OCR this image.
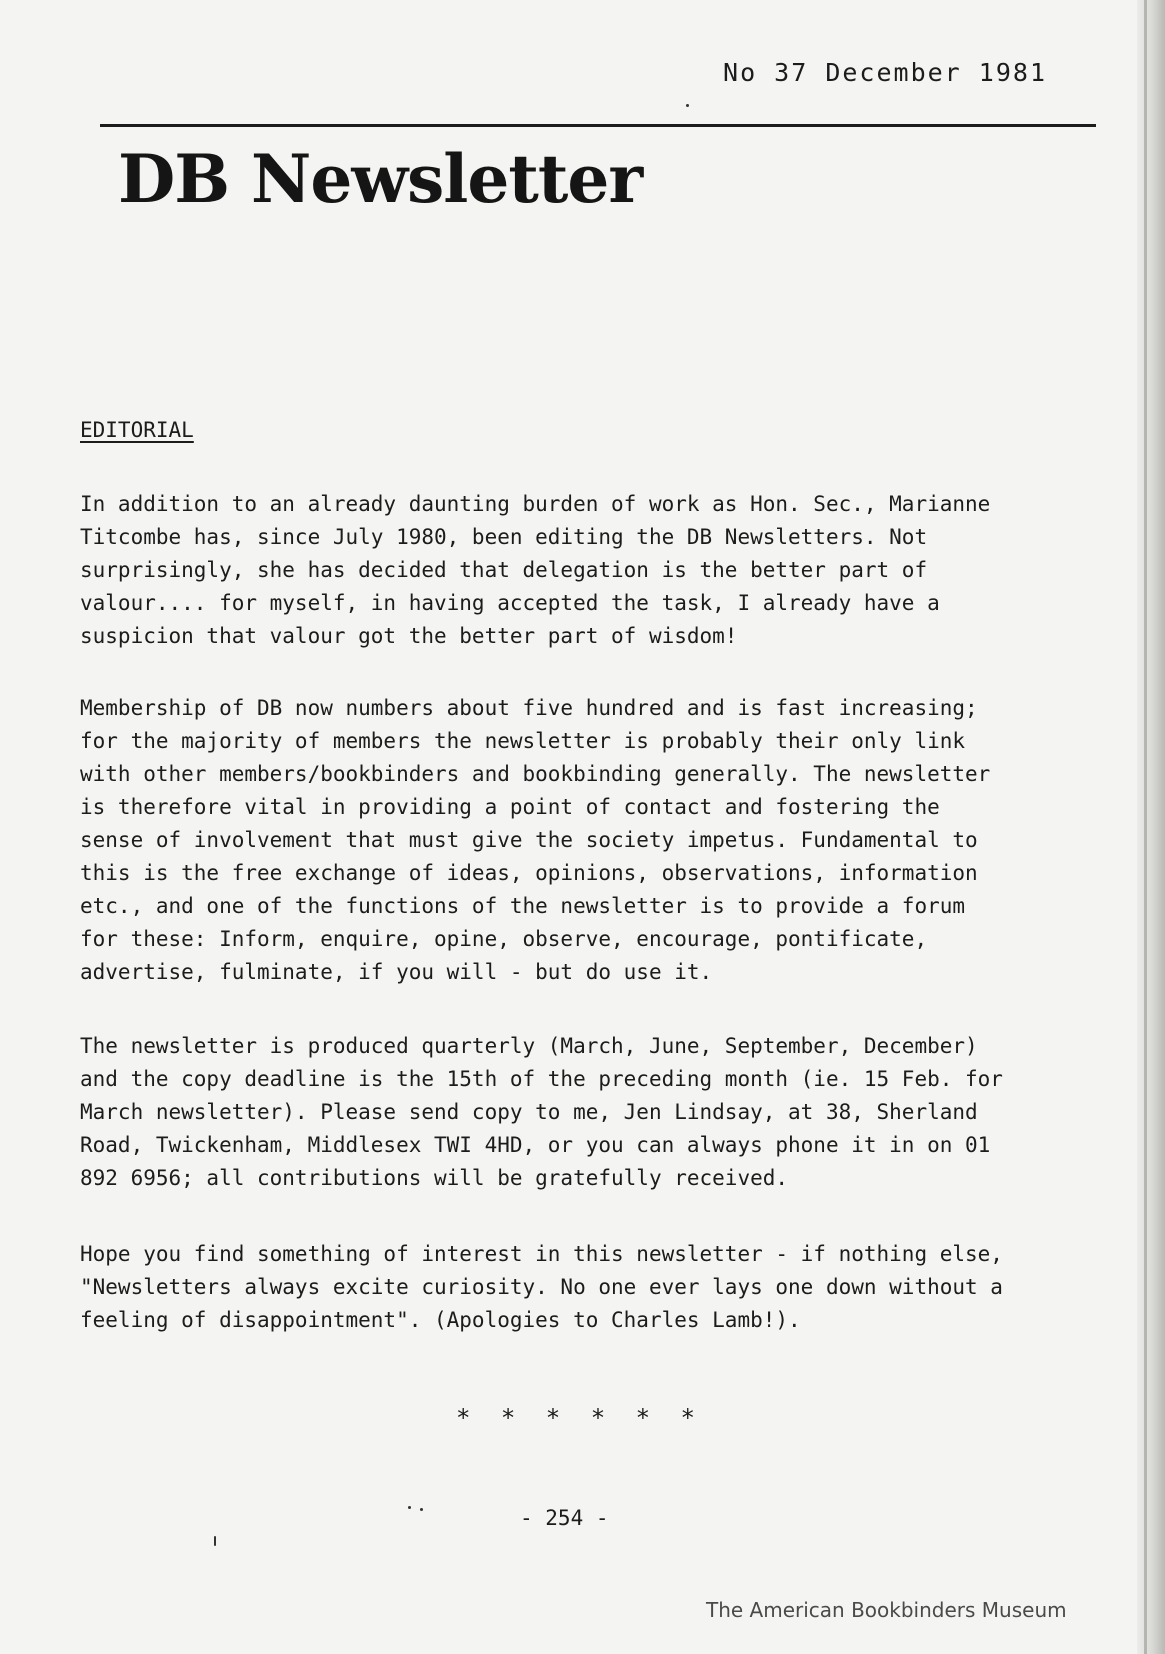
No 37 December 1981
DB Newsletter
EDITORIAL

In addition to an already daunting burden of work as Hon. Sec., Marianne
Titcombe has, since July 1980, been editing the DB Newsletters. Not
surprisingly, she has decided that delegation is the better part of
valour.... for myself, in having accepted the task, I already have a
suspicion that valour got the better part of wisdom!

Membership of DB now numbers about five hundred and is fast increasing;
for the majority of members the newsletter is probably their only link
with other members/bookbinders and bookbinding generally. The newsletter
is therefore vital in providing a point of contact and fostering the
sense of involvement that must give the society impetus. Fundamental to
this is the free exchange of ideas, opinions, observations, information
etc., and one of the functions of the newsletter is to provide a forum
for these: Inform, enquire, opine, observe, encourage, pontificate,
advertise, fulminate, if you will - but do use it.

The newsletter is produced quarterly (March, June, September, December)
and the copy deadline is the 15th of the preceding month (ie. 15 Feb. for
March newsletter). Please send copy to me, Jen Lindsay, at 38, Sherland
Road, Twickenham, Middlesex TWI 4HD, or you can always phone it in on 01
892 6956; all contributions will be gratefully received.

Hope you find something of interest in this newsletter - if nothing else,
"Newsletters always excite curiosity. No one ever lays one down without a
feeling of disappointment". (Apologies to Charles Lamb!).

* * * * * *
- 254 -
The American Bookbinders Museum
